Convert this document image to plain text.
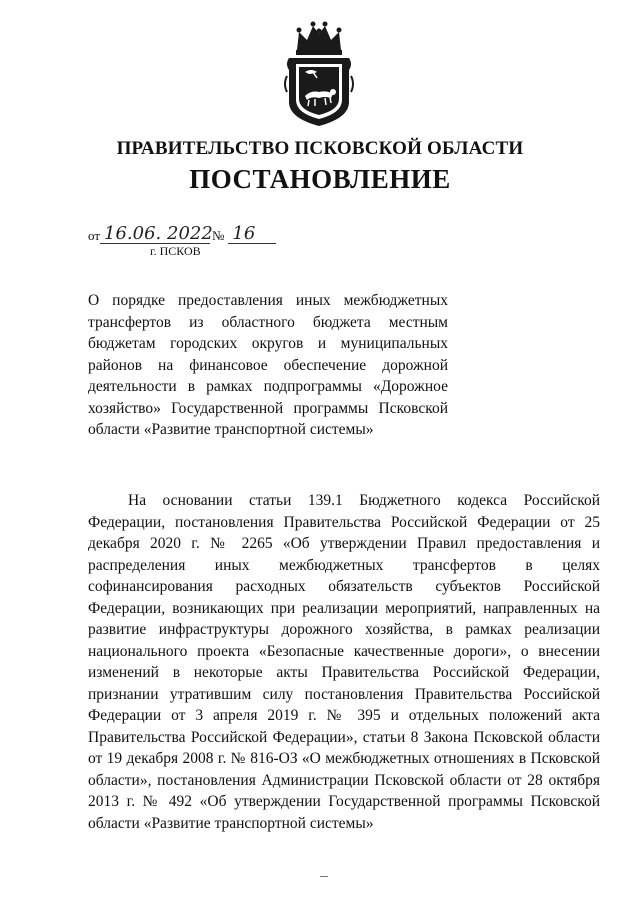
ПРАВИТЕЛЬСТВО ПСКОВСКОЙ ОБЛАСТИ
ПОСТАНОВЛЕНИЕ
от 16.06. 2022 № 16
г. ПСКОВ
О порядке предоставления иных межбюджетных трансфертов из областного бюджета местным бюджетам городских округов и муниципальных районов на финансовое обеспечение дорожной деятельности в рамках подпрограммы «Дорожное хозяйство» Государственной программы Псковской области «Развитие транспортной системы»

На основании статьи 139.1 Бюджетного кодекса Российской Федерации, постановления Правительства Российской Федерации от 25 декабря 2020 г. № 2265 «Об утверждении Правил предоставления и распределения иных межбюджетных трансфертов в целях софинансирования расходных обязательств субъектов Российской Федерации, возникающих при реализации мероприятий, направленных на развитие инфраструктуры дорожного хозяйства, в рамках реализации национального проекта «Безопасные качественные дороги», о внесении изменений в некоторые акты Правительства Российской Федерации, признании утратившим силу постановления Правительства Российской Федерации от 3 апреля 2019 г. № 395 и отдельных положений акта Правительства Российской Федерации», статьи 8 Закона Псковской области от 19 декабря 2008 г. № 816-ОЗ «О межбюджетных отношениях в Псковской области», постановления Администрации Псковской области от 28 октября 2013 г. № 492 «Об утверждении Государственной программы Псковской области «Развитие транспортной системы»
